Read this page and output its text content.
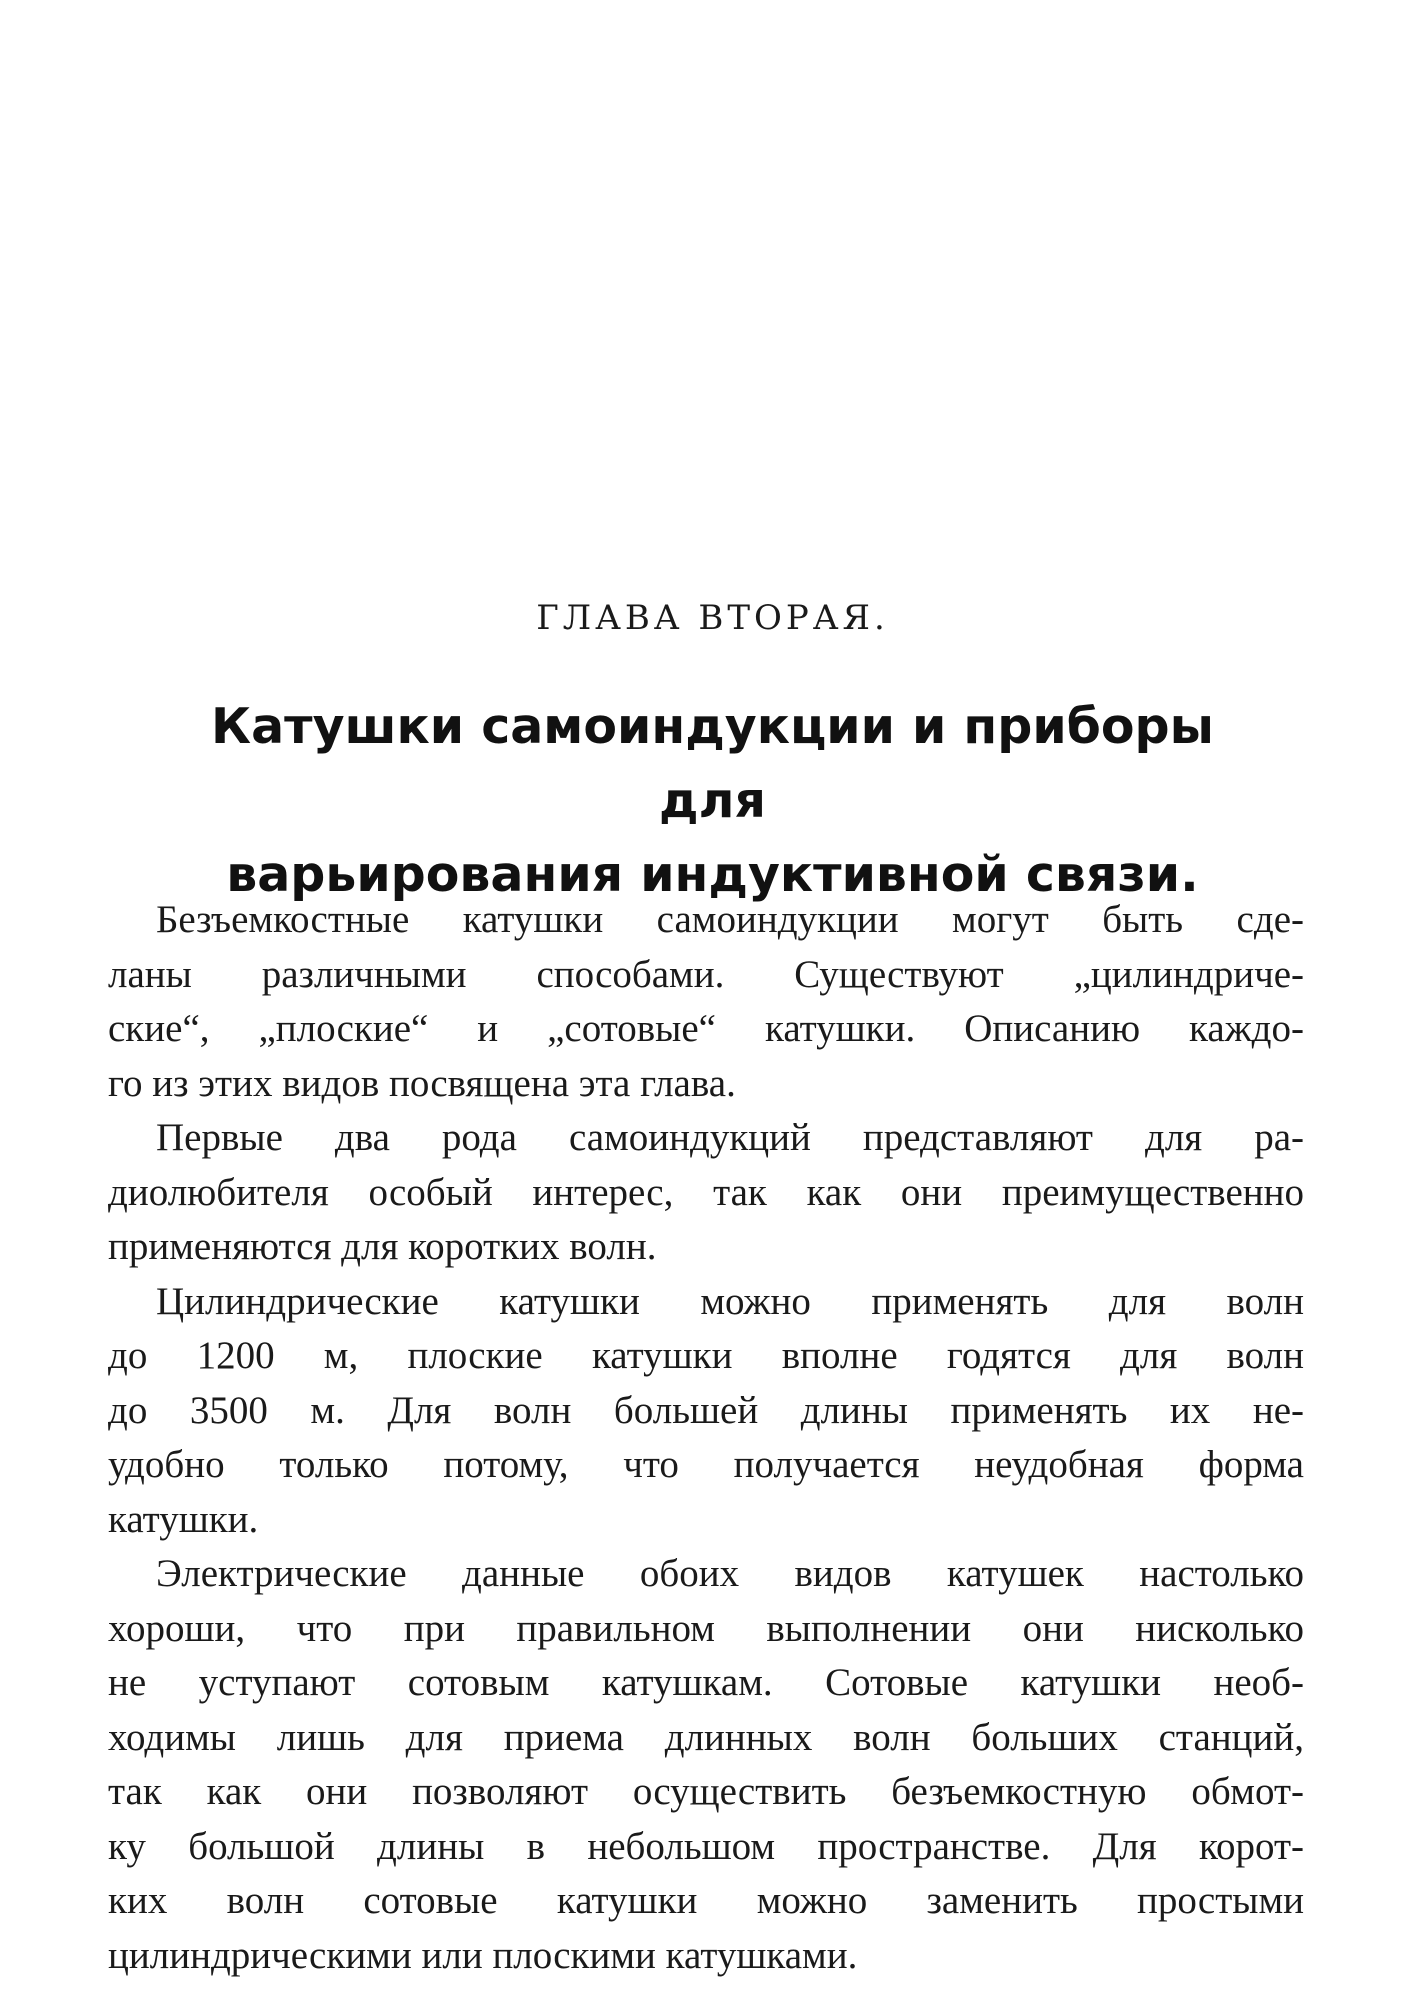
ГЛАВА ВТОРАЯ.
Катушки самоиндукции и приборы для
варьирования индуктивной связи.
Безъемкостные катушки самоиндукции могут быть сде-
ланы различными способами. Существуют „цилиндриче-
ские“, „плоские“ и „сотовые“ катушки. Описанию каждо-
го из этих видов посвящена эта глава.
Первые два рода самоиндукций представляют для ра-
диолюбителя особый интерес, так как они преимущественно
применяются для коротких волн.
Цилиндрические катушки можно применять для волн
до 1200 м, плоские катушки вполне годятся для волн
до 3500 м. Для волн большей длины применять их не-
удобно только потому, что получается неудобная форма
катушки.
Электрические данные обоих видов катушек настолько
хороши, что при правильном выполнении они нисколько
не уступают сотовым катушкам. Сотовые катушки необ-
ходимы лишь для приема длинных волн больших станций,
так как они позволяют осуществить безъемкостную обмот-
ку большой длины в небольшом пространстве. Для корот-
ких волн сотовые катушки можно заменить простыми
цилиндрическими или плоскими катушками.
